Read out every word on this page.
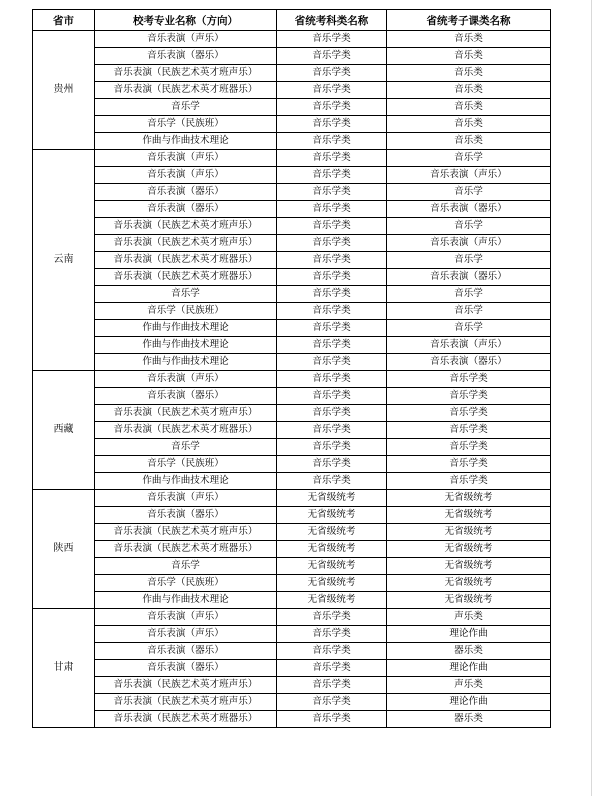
省市	校考专业名称（方向）	省统考科类名称	省统考子课类名称
贵州	音乐表演（声乐）	音乐学类	音乐类
	音乐表演（器乐）	音乐学类	音乐类
	音乐表演（民族艺术英才班声乐）	音乐学类	音乐类
	音乐表演（民族艺术英才班器乐）	音乐学类	音乐类
	音乐学	音乐学类	音乐类
	音乐学（民族班）	音乐学类	音乐类
	作曲与作曲技术理论	音乐学类	音乐类
云南	音乐表演（声乐）	音乐学类	音乐学
	音乐表演（声乐）	音乐学类	音乐表演（声乐）
	音乐表演（器乐）	音乐学类	音乐学
	音乐表演（器乐）	音乐学类	音乐表演（器乐）
	音乐表演（民族艺术英才班声乐）	音乐学类	音乐学
	音乐表演（民族艺术英才班声乐）	音乐学类	音乐表演（声乐）
	音乐表演（民族艺术英才班器乐）	音乐学类	音乐学
	音乐表演（民族艺术英才班器乐）	音乐学类	音乐表演（器乐）
	音乐学	音乐学类	音乐学
	音乐学（民族班）	音乐学类	音乐学
	作曲与作曲技术理论	音乐学类	音乐学
	作曲与作曲技术理论	音乐学类	音乐表演（声乐）
	作曲与作曲技术理论	音乐学类	音乐表演（器乐）
西藏	音乐表演（声乐）	音乐学类	音乐学类
	音乐表演（器乐）	音乐学类	音乐学类
	音乐表演（民族艺术英才班声乐）	音乐学类	音乐学类
	音乐表演（民族艺术英才班器乐）	音乐学类	音乐学类
	音乐学	音乐学类	音乐学类
	音乐学（民族班）	音乐学类	音乐学类
	作曲与作曲技术理论	音乐学类	音乐学类
陕西	音乐表演（声乐）	无省级统考	无省级统考
	音乐表演（器乐）	无省级统考	无省级统考
	音乐表演（民族艺术英才班声乐）	无省级统考	无省级统考
	音乐表演（民族艺术英才班器乐）	无省级统考	无省级统考
	音乐学	无省级统考	无省级统考
	音乐学（民族班）	无省级统考	无省级统考
	作曲与作曲技术理论	无省级统考	无省级统考
甘肃	音乐表演（声乐）	音乐学类	声乐类
	音乐表演（声乐）	音乐学类	理论作曲
	音乐表演（器乐）	音乐学类	器乐类
	音乐表演（器乐）	音乐学类	理论作曲
	音乐表演（民族艺术英才班声乐）	音乐学类	声乐类
	音乐表演（民族艺术英才班声乐）	音乐学类	理论作曲
	音乐表演（民族艺术英才班器乐）	音乐学类	器乐类
